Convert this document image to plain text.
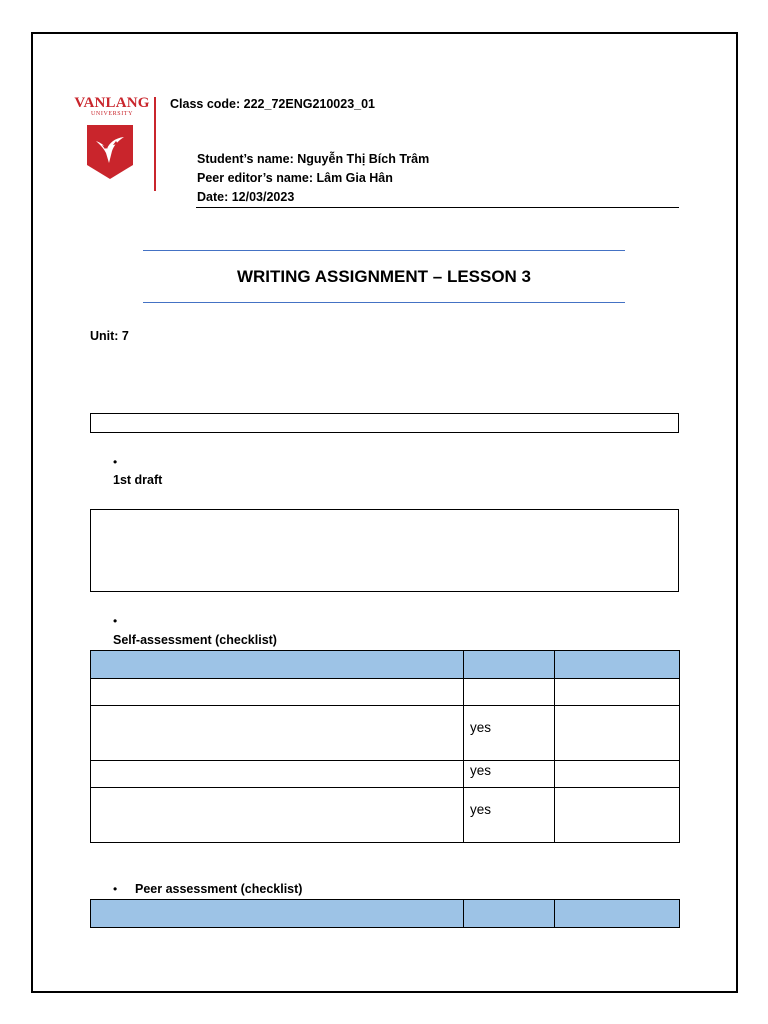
VANLANG
UNIVERSITY
Class code: 222_72ENG210023_01
Student’s name: Nguyễn Thị Bích Trâm
Peer editor’s name: Lâm Gia Hân
Date: 12/03/2023
WRITING ASSIGNMENT – LESSON 3
Unit: 7
•
1st draft
•
Self-assessment (checklist)

	yes	
	yes	
	yes	
• Peer assessment (checklist)
